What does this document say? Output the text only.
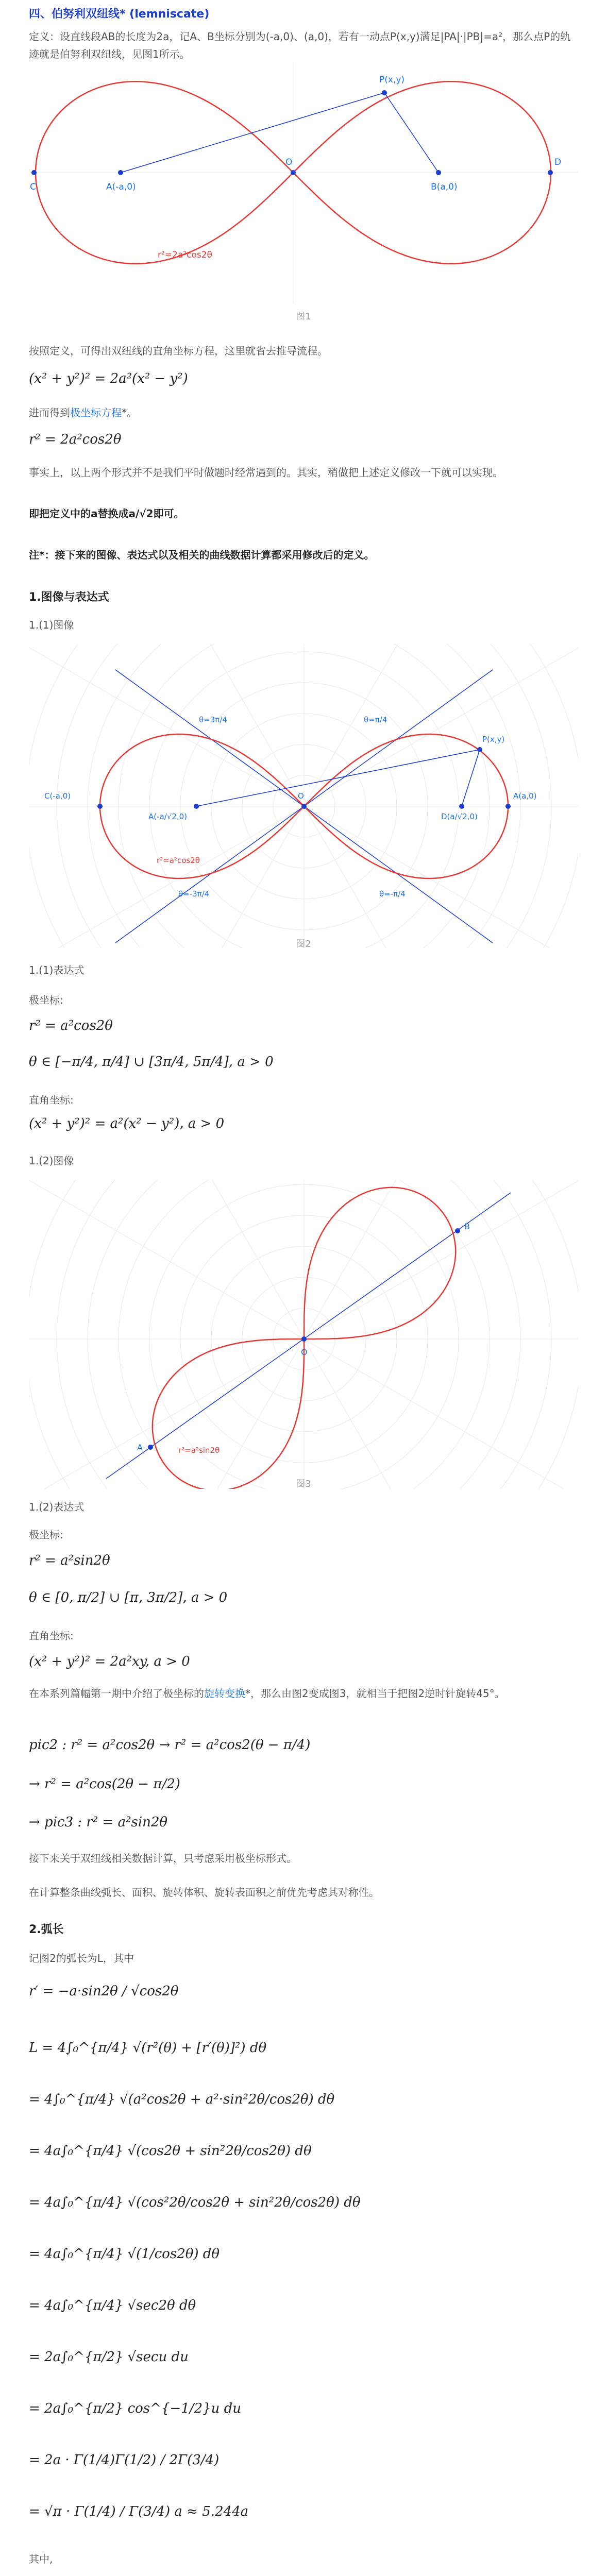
四、伯努利双纽线* (lemniscate)
定义：设直线段AB的长度为2a，记A、B坐标分别为(-a,0)、(a,0)，若有一动点P(x,y)满足|PA|·|PB|=a²，那么点P的轨迹就是伯努利双纽线，见图1所示。
C	A(-a,0)
O
B(a,0)
D
P(x,y)
r²=2a²cos2θ
图1
按照定义，可得出双纽线的直角坐标方程，这里就省去推导流程。
(x² + y²)² = 2a²(x² − y²)
进而得到极坐标方程*。
r² = 2a²cos2θ
事实上，以上两个形式并不是我们平时做题时经常遇到的。其实，稍做把上述定义修改一下就可以实现。
即把定义中的a替换成a/√2即可。
注*：接下来的图像、表达式以及相关的曲线数据计算都采用修改后的定义。
1.图像与表达式
1.(1)图像
C(-a,0)
A(-a/√2,0)
O
D(a/√2,0)
A(a,0)
P(x,y)
θ=3π/4	θ=π/4
θ=-π/4
θ=-3π/4
r²=a²cos2θ
图2
1.(1)表达式
极坐标:
r² = a²cos2θ
θ ∈ [−π/4, π/4] ∪ [3π/4, 5π/4], a > 0
直角坐标:
(x² + y²)² = a²(x² − y²), a > 0
1.(2)图像
A
O
B
r²=a²sin2θ
图3
1.(2)表达式
极坐标:
r² = a²sin2θ
θ ∈ [0, π/2] ∪ [π, 3π/2], a > 0
直角坐标:
(x² + y²)² = 2a²xy, a > 0
在本系列篇幅第一期中介绍了极坐标的旋转变换*，那么由图2变成图3，就相当于把图2逆时针旋转45°。
pic2 : r² = a²cos2θ → r² = a²cos2(θ − π/4)
→ r² = a²cos(2θ − π/2)
→ pic3 : r² = a²sin2θ
接下来关于双纽线相关数据计算，只考虑采用极坐标形式。
在计算整条曲线弧长、面积、旋转体积、旋转表面积之前优先考虑其对称性。
2.弧长
记图2的弧长为L，其中
r′ = −a·sin2θ / √cos2θ
L = 4∫₀^{π/4} √(r²(θ) + [r′(θ)]²) dθ
= 4∫₀^{π/4} √(a²cos2θ + a²·sin²2θ/cos2θ) dθ
= 4a∫₀^{π/4} √(cos2θ + sin²2θ/cos2θ) dθ
= 4a∫₀^{π/4} √(cos²2θ/cos2θ + sin²2θ/cos2θ) dθ
= 4a∫₀^{π/4} √(1/cos2θ) dθ
= 4a∫₀^{π/4} √sec2θ dθ
= 2a∫₀^{π/2} √secu du
= 2a∫₀^{π/2} cos^{−1/2}u du
= 2a · Γ(1/4)Γ(1/2) / 2Γ(3/4)
= √π · Γ(1/4) / Γ(3/4) a ≈ 5.244a
其中,
